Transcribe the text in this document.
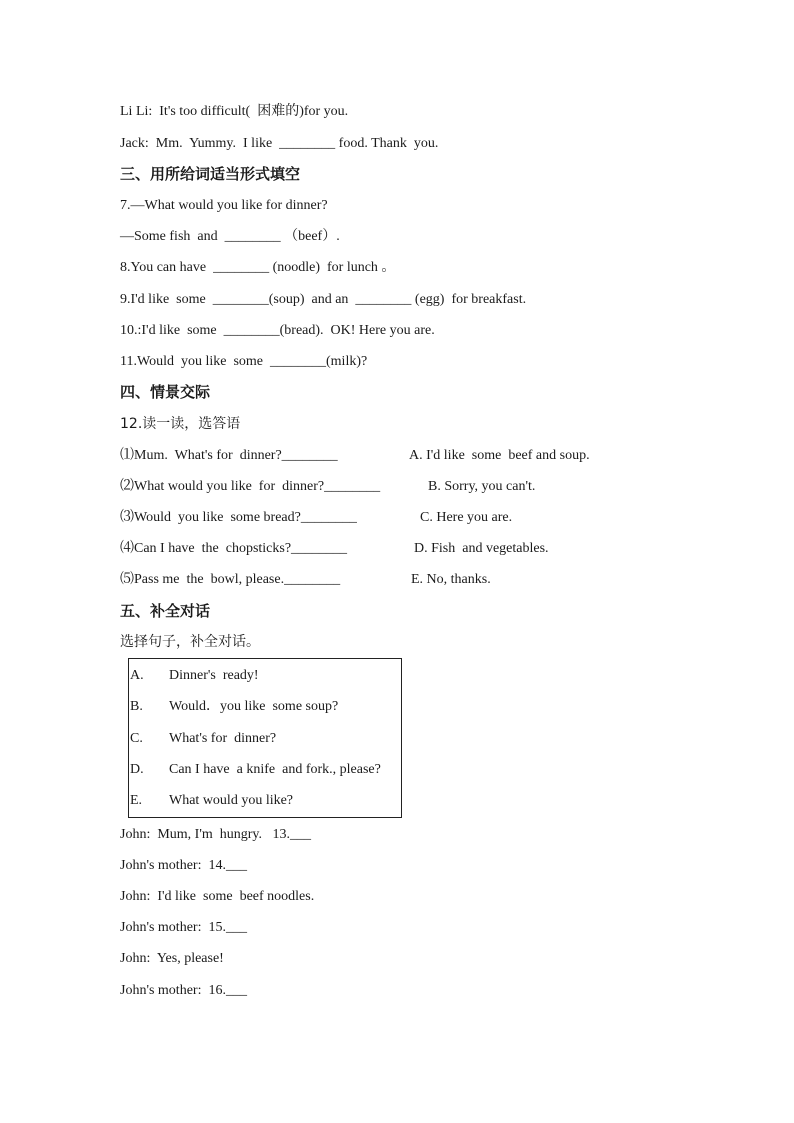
Li Li:  It's too difficult(  困难的)for you.
Jack:  Mm.  Yummy.  I like  ________ food. Thank  you.
三、用所给词适当形式填空
7.—What would you like for dinner?
—Some fish  and  ________ （beef）.
8.You can have  ________ (noodle)  for lunch 。
9.I'd like  some  ________(soup)  and an  ________ (egg)  for breakfast.
10.:I'd like  some  ________(bread).  OK! Here you are.
11.Would  you like  some  ________(milk)?
四、情景交际
12.读一读，选答语
⑴Mum.  What's for  dinner?________	A. I'd like  some  beef and soup.
⑵What would you like  for  dinner?________	B. Sorry, you can't.
⑶Would  you like  some bread?________	C. Here you are.
⑷Can I have  the  chopsticks?________	D. Fish  and vegetables.
⑸Pass me  the  bowl, please.________	E. No, thanks.
五、补全对话
选择句子，补全对话。
A. Dinner's  ready!
B. Would．you like  some soup?
C. What's for  dinner?
D. Can I have  a knife  and fork., please?
E. What would you like?
John:  Mum, I'm  hungry.   13.___
John's mother:  14.___
John:  I'd like  some  beef noodles.
John's mother:  15.___
John:  Yes, please!
John's mother:  16.___
